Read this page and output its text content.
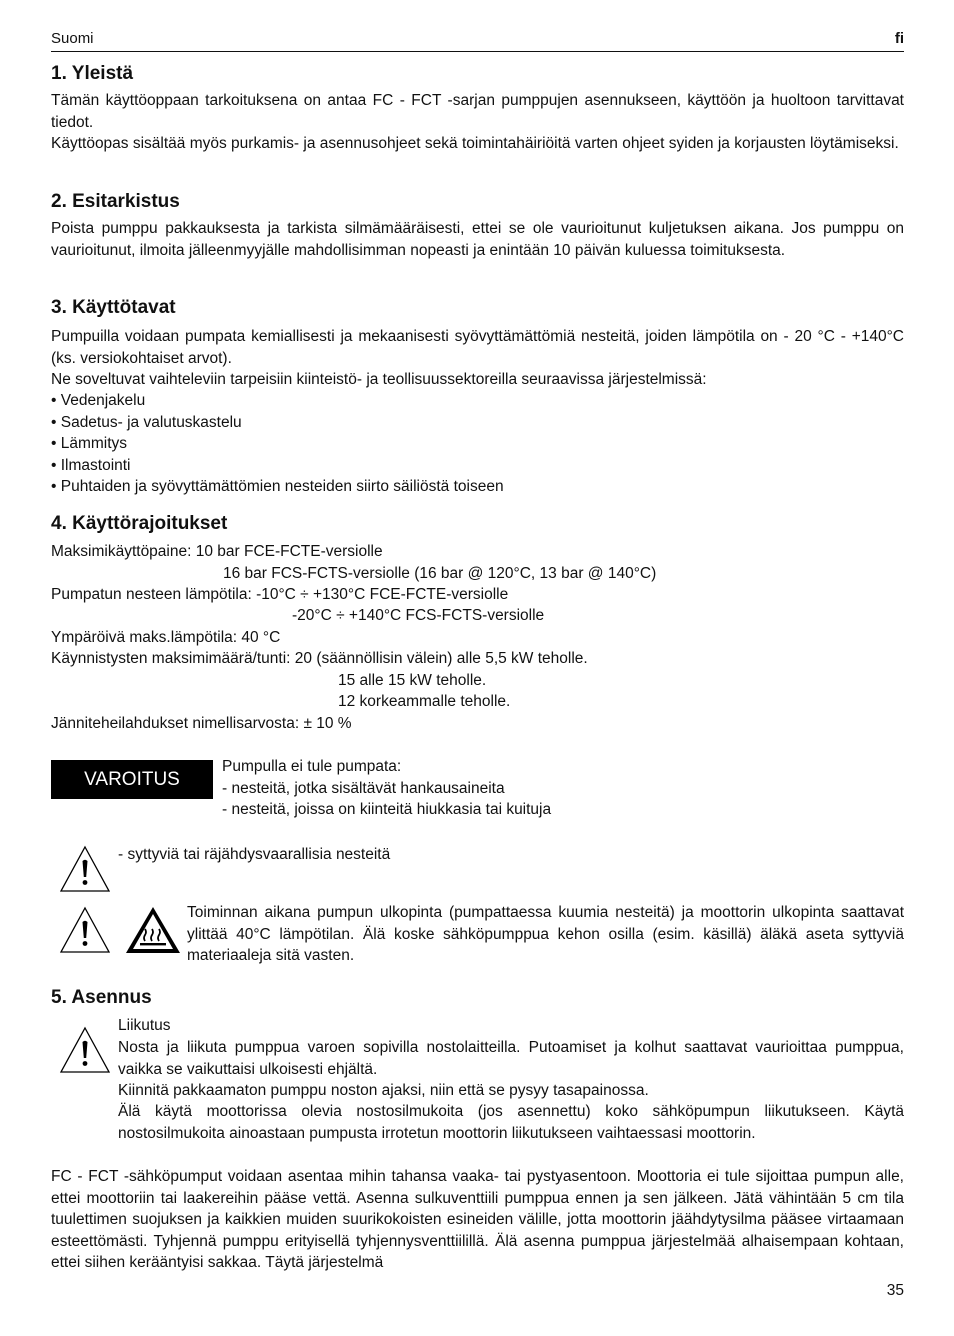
Suomi	fi
1. Yleistä

Tämän käyttöoppaan tarkoituksena on antaa FC - FCT -sarjan pumppujen asennukseen, käyttöön ja huoltoon tarvittavat tiedot.

Käyttöopas sisältää myös purkamis- ja asennusohjeet sekä toimintahäiriöitä varten ohjeet syiden ja korjausten löytämiseksi.

2. Esitarkistus

Poista pumppu pakkauksesta ja tarkista silmämääräisesti, ettei se ole vaurioitunut kuljetuksen aikana. Jos pumppu on vaurioitunut, ilmoita jälleenmyyjälle mahdollisimman nopeasti ja enintään 10 päivän kuluessa toimituksesta.

3. Käyttötavat

Pumpuilla voidaan pumpata kemiallisesti ja mekaanisesti syövyttämättömiä nesteitä, joiden lämpötila on - 20 °C - +140°C (ks. versiokohtaiset arvot).

Ne soveltuvat vaihteleviin tarpeisiin kiinteistö- ja teollisuussektoreilla seuraavissa järjestelmissä:

• Vedenjakelu
• Sadetus- ja valutuskastelu
• Lämmitys
• Ilmastointi
• Puhtaiden ja syövyttämättömien nesteiden siirto säiliöstä toiseen
4. Käyttörajoitukset
Maksimikäyttöpaine: 10 bar FCE-FCTE-versiolle
16 bar FCS-FCTS-versiolle (16 bar @ 120°C, 13 bar @ 140°C)
Pumpatun nesteen lämpötila: -10°C ÷ +130°C FCE-FCTE-versiolle
-20°C ÷ +140°C FCS-FCTS-versiolle
Ympäröivä maks.lämpötila: 40 °C
Käynnistysten maksimimäärä/tunti: 20 (säännöllisin välein) alle 5,5 kW teholle.
15 alle 15 kW teholle.
12 korkeammalle teholle.
Jänniteheilahdukset nimellisarvosta: ± 10 %
VAROITUS
Pumpulla ei tule pumpata:
- nesteitä, jotka sisältävät hankausaineita
- nesteitä, joissa on kiinteitä hiukkasia tai kuituja
- syttyviä tai räjähdysvaarallisia nesteitä

Toiminnan aikana pumpun ulkopinta (pumpattaessa kuumia nesteitä) ja moottorin ulkopinta saattavat ylittää 40°C lämpötilan. Älä koske sähköpumppua kehon osilla (esim. käsillä) äläkä aseta syttyviä materiaaleja sitä vasten.

5. Asennus
Liikutus

Nosta ja liikuta pumppua varoen sopivilla nostolaitteilla. Putoamiset ja kolhut saattavat vaurioittaa pumppua, vaikka se vaikuttaisi ulkoisesti ehjältä.

Kiinnitä pakkaamaton pumppu noston ajaksi, niin että se pysyy tasapainossa.

Älä käytä moottorissa olevia nostosilmukoita (jos asennettu) koko sähköpumpun liikutukseen. Käytä nostosilmukoita ainoastaan pumpusta irrotetun moottorin liikutukseen vaihtaessasi moottorin.

FC - FCT -sähköpumput voidaan asentaa mihin tahansa vaaka- tai pystyasentoon. Moottoria ei tule sijoittaa pumpun alle, ettei moottoriin tai laakereihin pääse vettä. Asenna sulkuventtiili pumppua ennen ja sen jälkeen. Jätä vähintään 5 cm tila tuulettimen suojuksen ja kaikkien muiden suurikokoisten esineiden välille, jotta moottorin jäähdytysilma pääsee virtaamaan esteettömästi. Tyhjennä pumppu erityisellä tyhjennysventtiilillä. Älä asenna pumppua järjestelmää alhaisempaan kohtaan, ettei siihen kerääntyisi sakkaa. Täytä järjestelmä

35
